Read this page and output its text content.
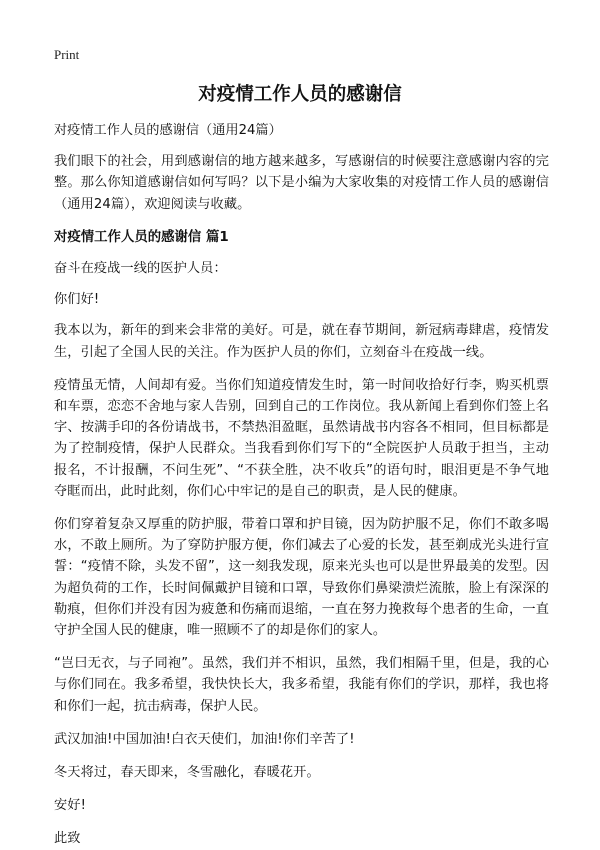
Print
对疫情工作人员的感谢信

对疫情工作人员的感谢信（通用24篇）

我们眼下的社会，用到感谢信的地方越来越多，写感谢信的时候要注意感谢内容的完整。那么你知道感谢信如何写吗？以下是小编为大家收集的对疫情工作人员的感谢信（通用24篇），欢迎阅读与收藏。

对疫情工作人员的感谢信 篇1

奋斗在疫战一线的医护人员：

你们好!

我本以为，新年的到来会非常的美好。可是，就在春节期间，新冠病毒肆虐，疫情发生，引起了全国人民的关注。作为医护人员的你们，立刻奋斗在疫战一线。

疫情虽无情，人间却有爱。当你们知道疫情发生时，第一时间收拾好行李，购买机票和车票，恋恋不舍地与家人告别，回到自己的工作岗位。我从新闻上看到你们签上名字、按满手印的各份请战书，不禁热泪盈眶，虽然请战书内容各不相同，但目标都是为了控制疫情，保护人民群众。当我看到你们写下的“全院医护人员敢于担当，主动报名，不计报酬，不问生死”、“不获全胜，决不收兵”的语句时，眼泪更是不争气地夺眶而出，此时此刻，你们心中牢记的是自己的职责，是人民的健康。

你们穿着复杂又厚重的防护服，带着口罩和护目镜，因为防护服不足，你们不敢多喝水，不敢上厕所。为了穿防护服方便，你们减去了心爱的长发，甚至剃成光头进行宣誓：“疫情不除，头发不留”，这一刻我发现，原来光头也可以是世界最美的发型。因为超负荷的工作，长时间佩戴护目镜和口罩，导致你们鼻梁溃烂流脓，脸上有深深的勒痕，但你们并没有因为疲惫和伤痛而退缩，一直在努力挽救每个患者的生命，一直守护全国人民的健康，唯一照顾不了的却是你们的家人。

“岂曰无衣，与子同袍”。虽然，我们并不相识，虽然，我们相隔千里，但是，我的心与你们同在。我多希望，我快快长大，我多希望，我能有你们的学识，那样，我也将和你们一起，抗击病毒，保护人民。

武汉加油!中国加油!白衣天使们，加油!你们辛苦了!

冬天将过，春天即来，冬雪融化，春暖花开。

安好!

此致
